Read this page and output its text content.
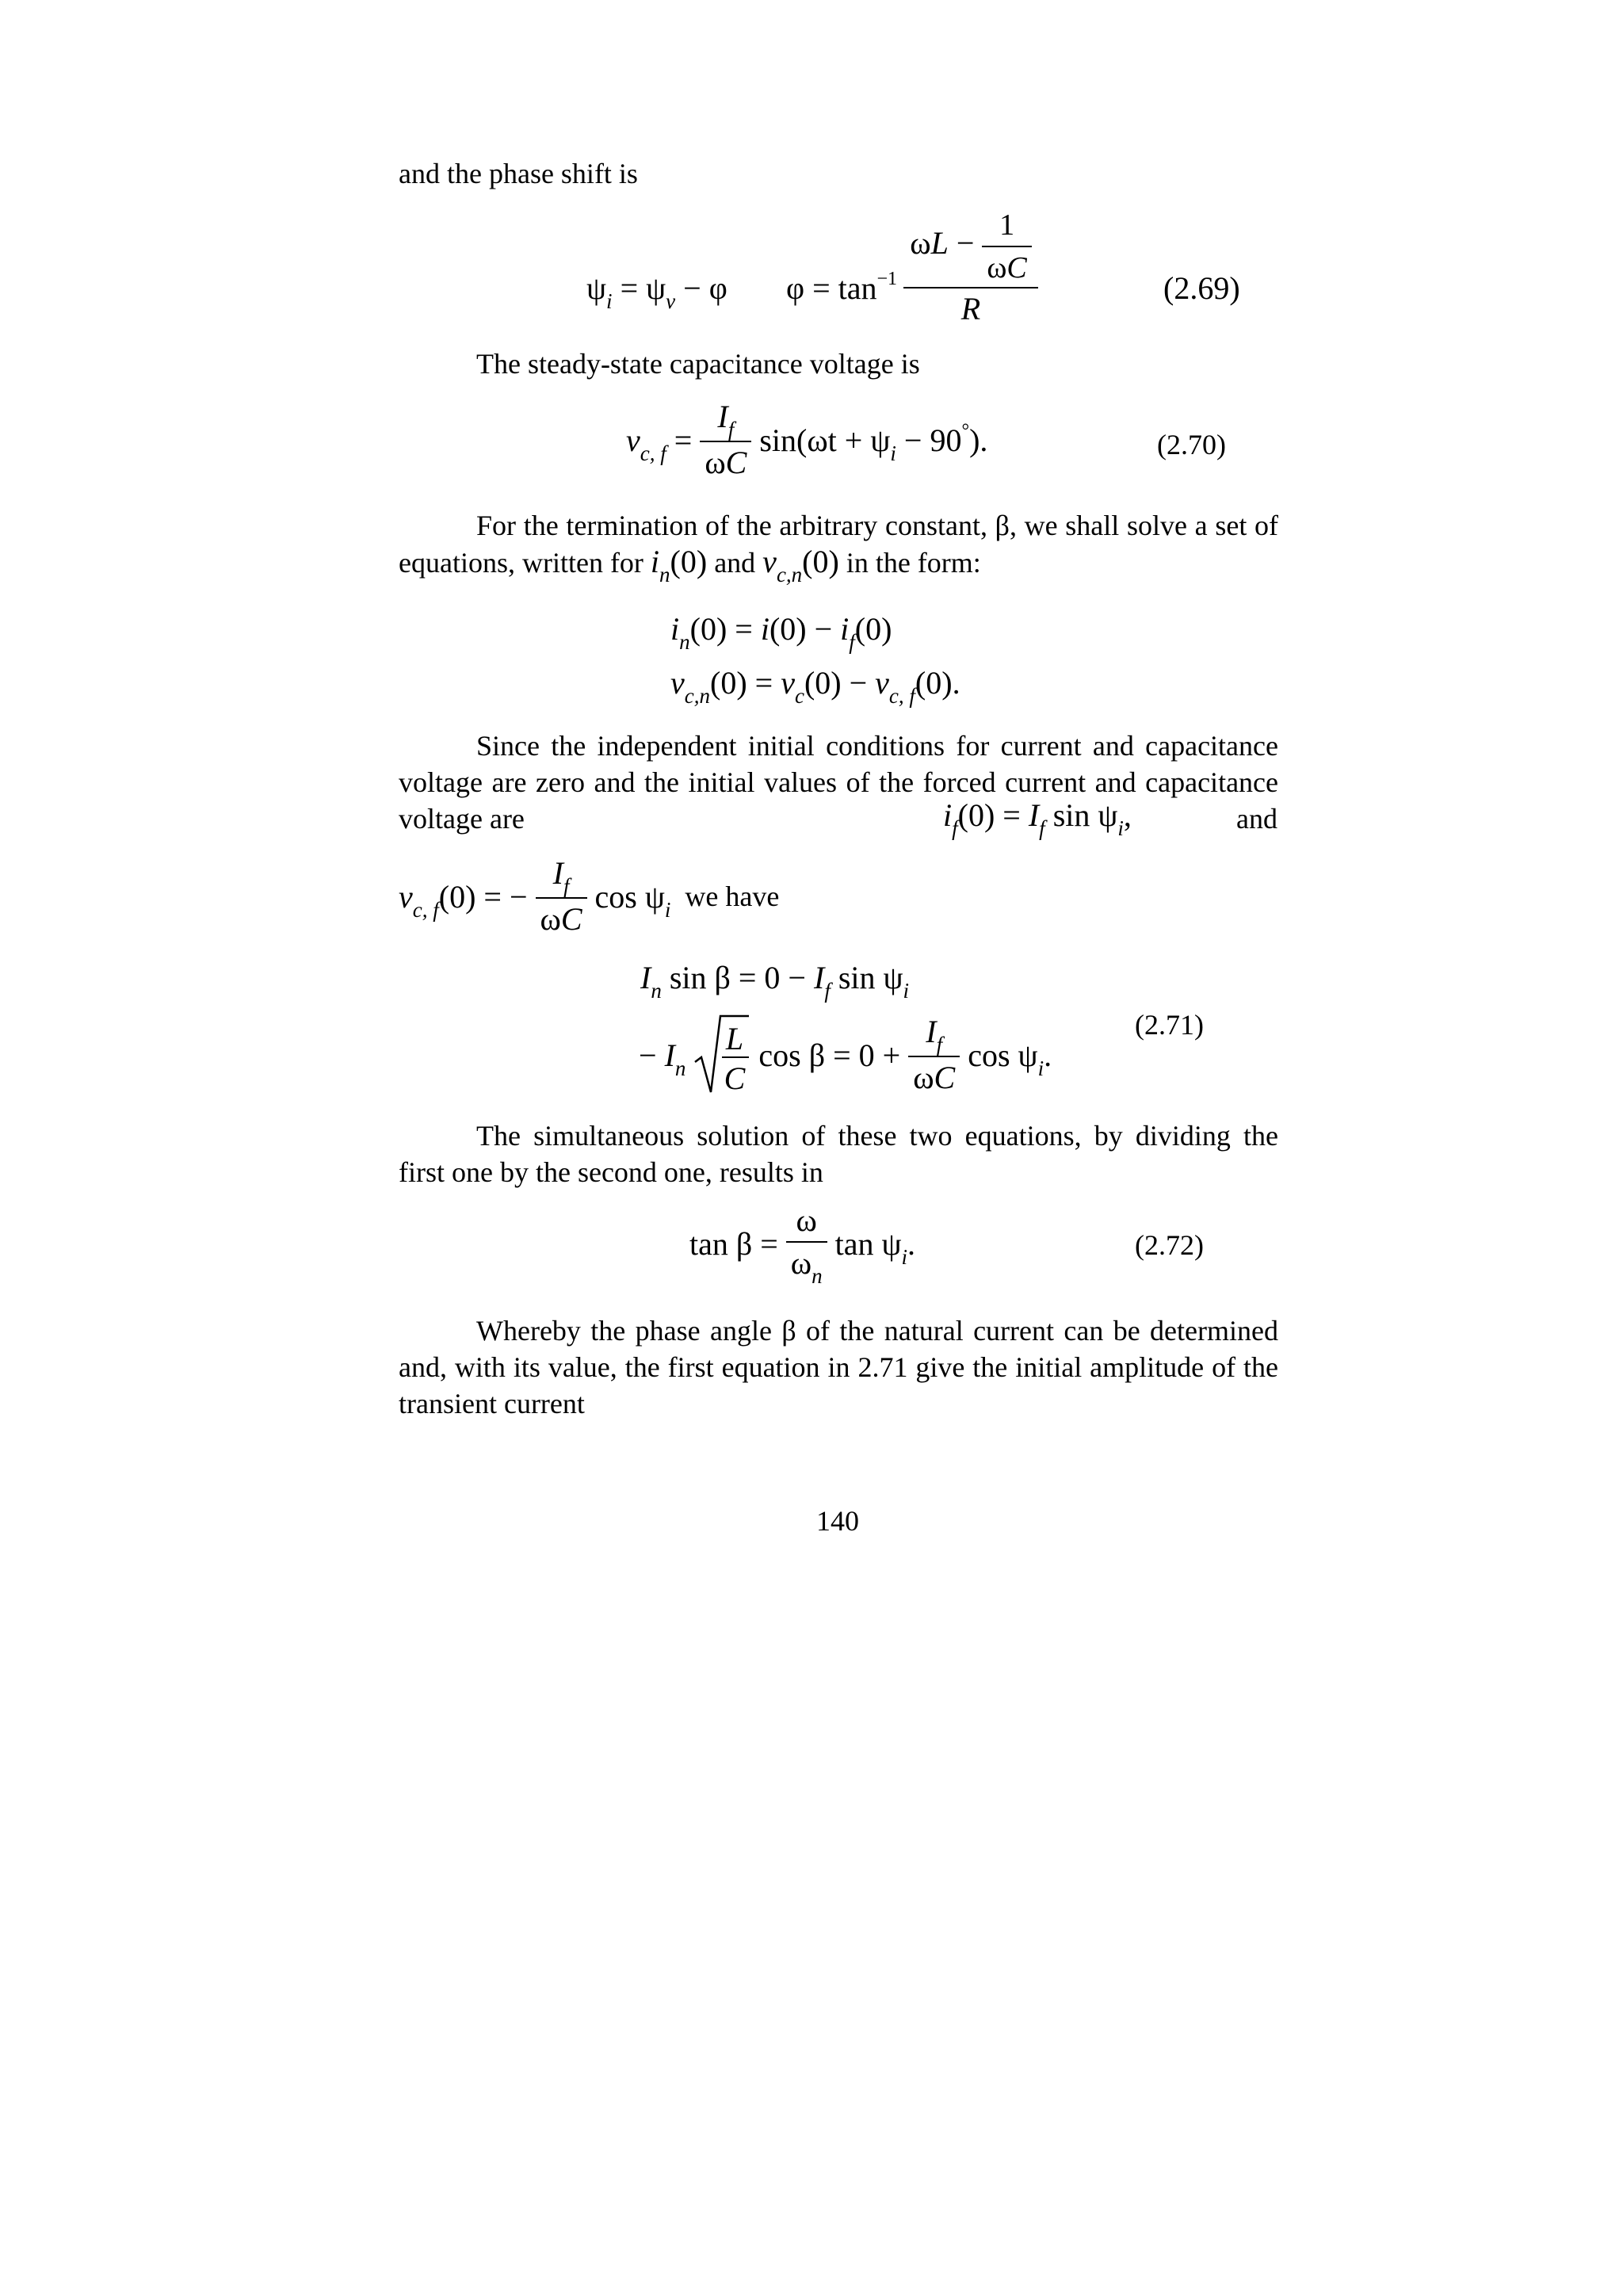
and the phase shift is

$\psi_i = \psi_v - \varphi$ $\varphi = \tan^{-1} \frac{\omega L - \frac{1}{\omega C}}{R}$	(2.69)

The steady-state capacitance voltage is

$v_{c, f} = \frac{I_f}{\omega C} \sin(\omega t + \psi_i - 90^\circ)$.	(2.70)
For the termination of the arbitrary constant, β, we shall solve a set of equations, written for $i_n(0)$ and $v_{c,n}(0)$ in the form:
$i_n(0) = i(0) - i_f(0)$
$v_{c,n}(0) = v_c(0) - v_{c, f}(0)$.

Since the independent initial conditions for current and capacitance voltage are zero and the initial values of the forced current and capacitance voltage are	$i_f(0) = I_f$ $\sin \psi_i$,	and
$v_{c, f}(0)$ = − $\frac{I_f}{\omega C}$ $\cos \psi_i$ we have
$I_n$ $\sin \beta = 0 - I_f$ $\sin \psi_i$
− $I_n$
L
C
$\cos \beta = 0 + \frac{I_f}{\omega C}$ $\cos \psi_i$.
(2.71)

The simultaneous solution of these two equations, by dividing the first one by the second one, results in

$\tan \beta = \frac{\omega}{\omega_n}$ $\tan \psi_i$.	(2.72)

Whereby the phase angle β of the natural current can be determined and, with its value, the first equation in 2.71 give the initial amplitude of the transient current

140
